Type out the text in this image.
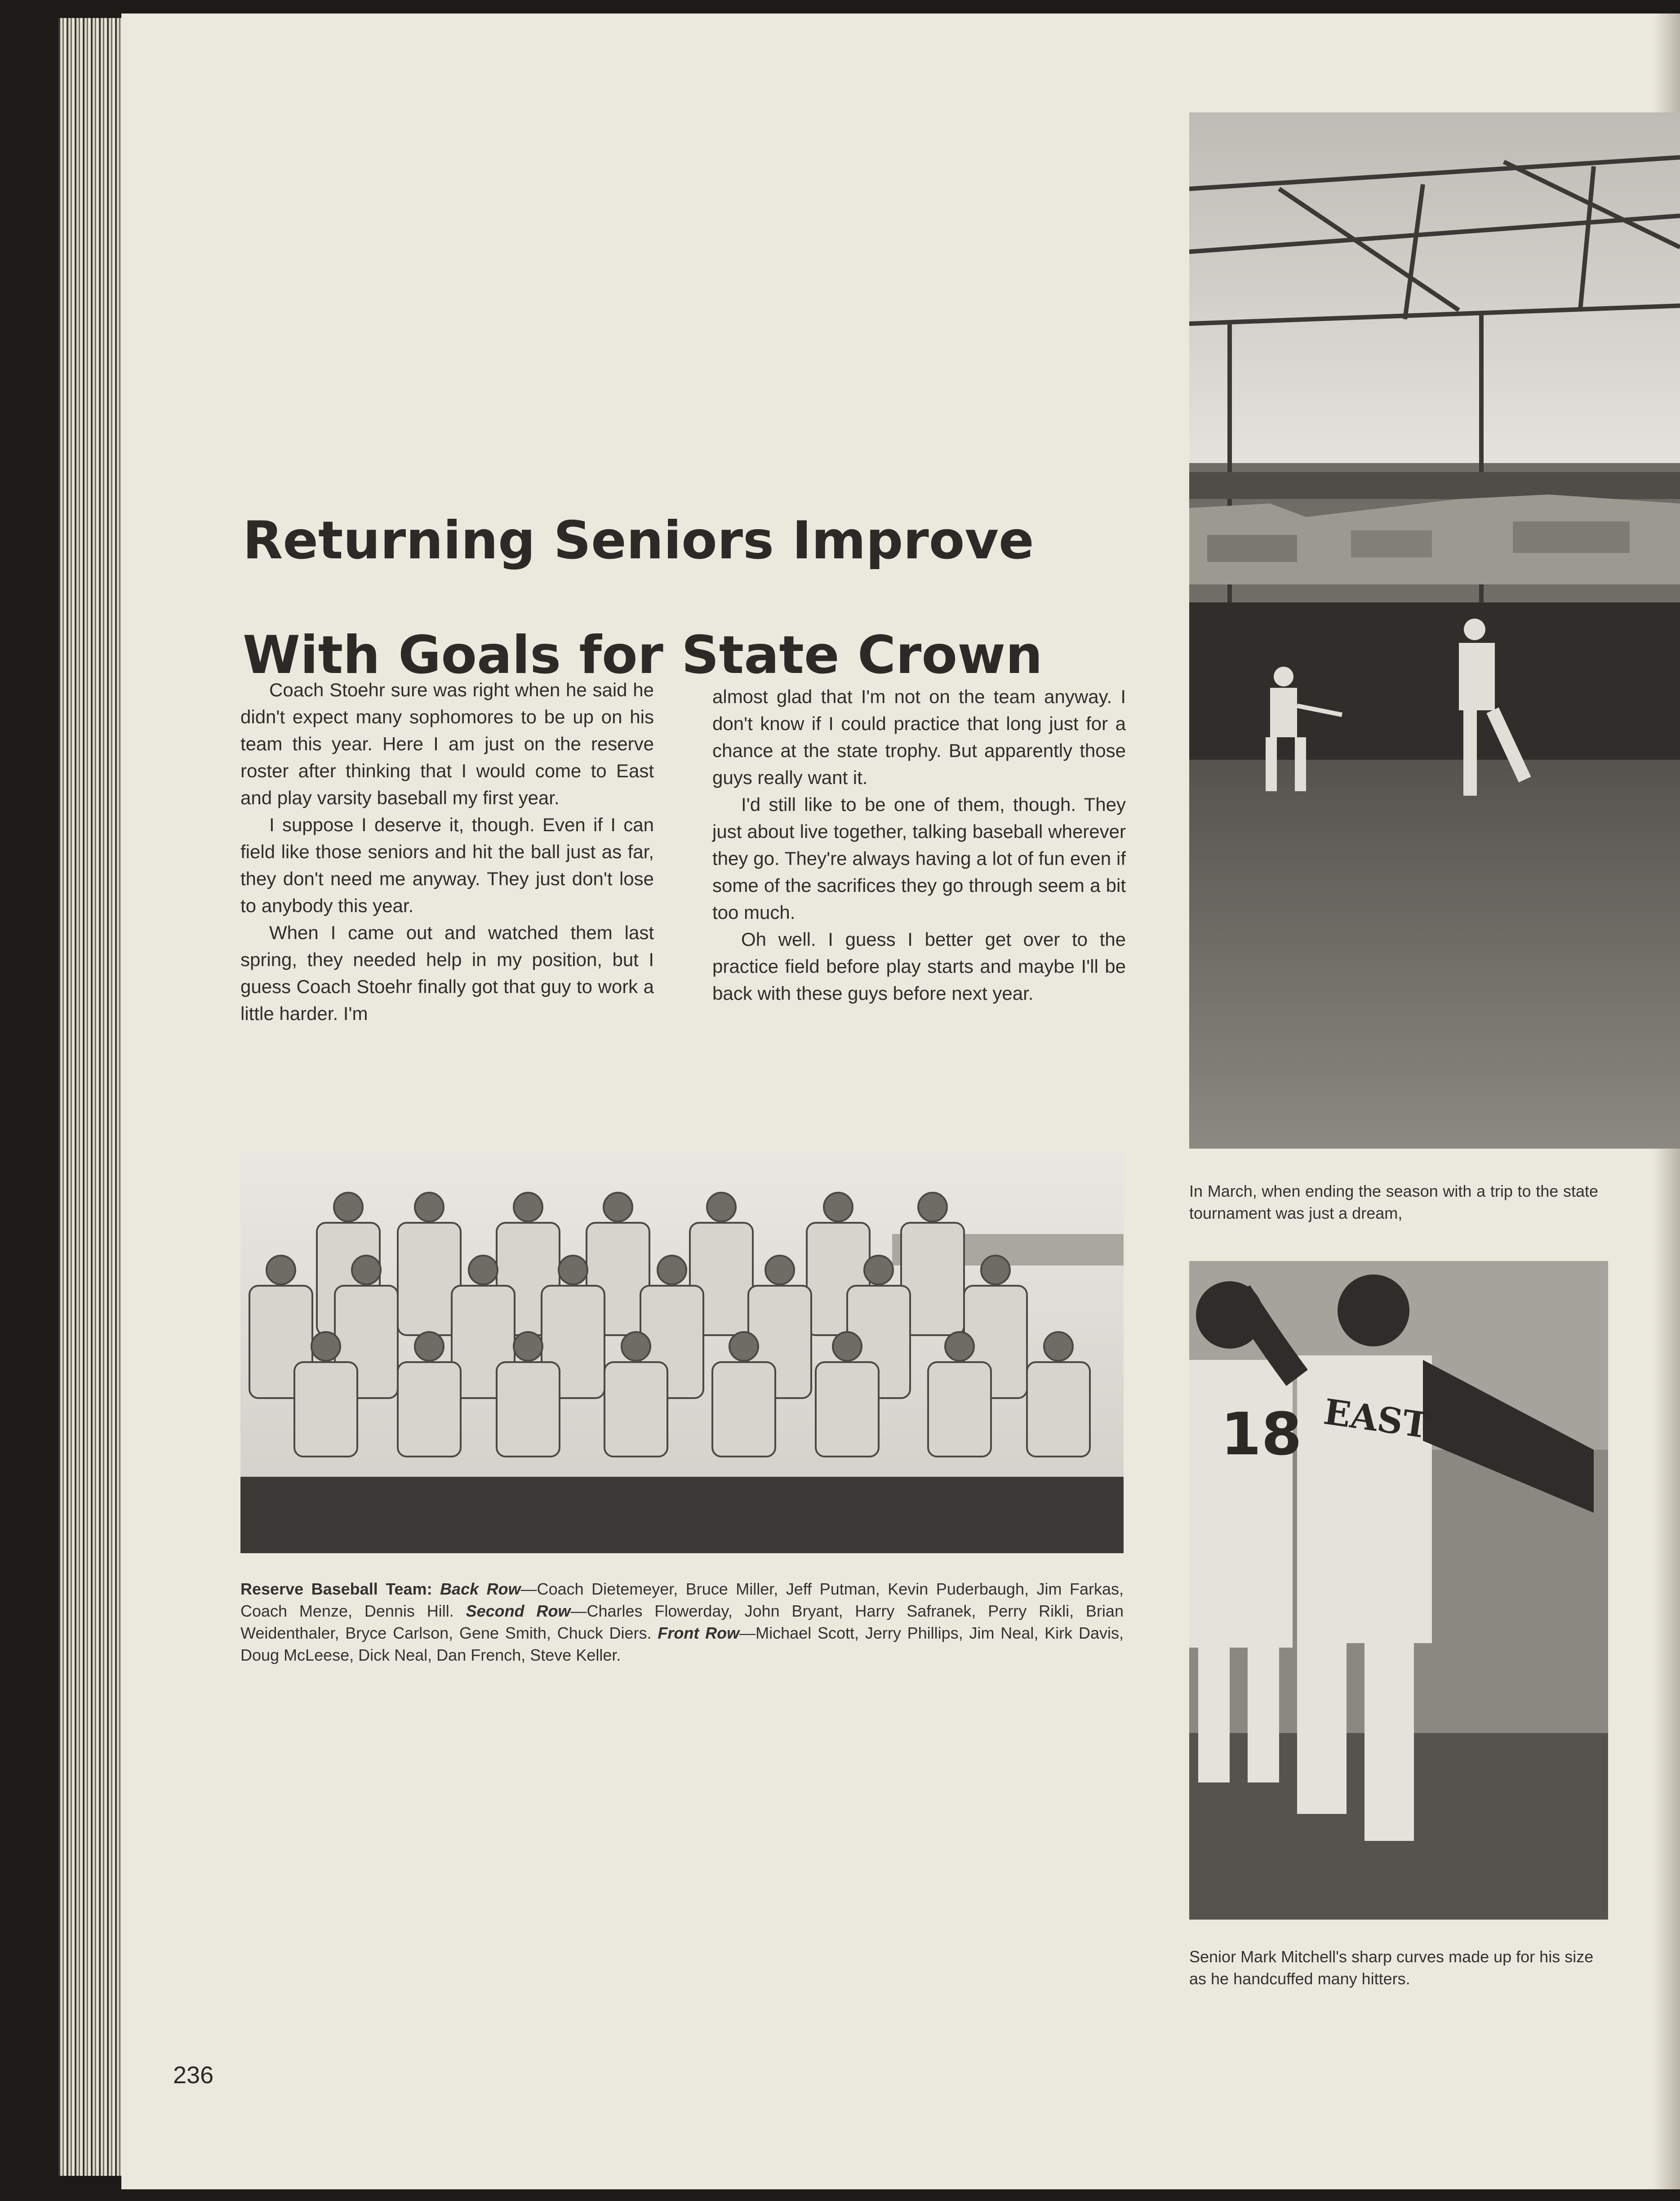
Returning Seniors Improve
With Goals for State Crown

Coach Stoehr sure was right when he said he didn't expect many sophomores to be up on his team this year. Here I am just on the reserve roster after thinking that I would come to East and play varsity baseball my first year.

I suppose I deserve it, though. Even if I can field like those seniors and hit the ball just as far, they don't need me anyway. They just don't lose to anybody this year.

When I came out and watched them last spring, they needed help in my position, but I guess Coach Stoehr finally got that guy to work a little harder. I'm

almost glad that I'm not on the team anyway. I don't know if I could practice that long just for a chance at the state trophy. But apparently those guys really want it.

I'd still like to be one of them, though. They just about live together, talking baseball wherever they go. They're always having a lot of fun even if some of the sacrifices they go through seem a bit too much.

Oh well. I guess I better get over to the practice field before play starts and maybe I'll be back with these guys before next year.

In March, when ending the season with a trip to the state tournament was just a dream,

Reserve Baseball Team: Back Row—Coach Dietemeyer, Bruce Miller, Jeff Putman, Kevin Puderbaugh, Jim Farkas, Coach Menze, Dennis Hill. Second Row—Charles Flowerday, John Bryant, Harry Safranek, Perry Rikli, Brian Weidenthaler, Bryce Carlson, Gene Smith, Chuck Diers. Front Row—Michael Scott, Jerry Phillips, Jim Neal, Kirk Davis, Doug McLeese, Dick Neal, Dan French, Steve Keller.

18 EAST

Senior Mark Mitchell's sharp curves made up for his size as he handcuffed many hitters.

236
